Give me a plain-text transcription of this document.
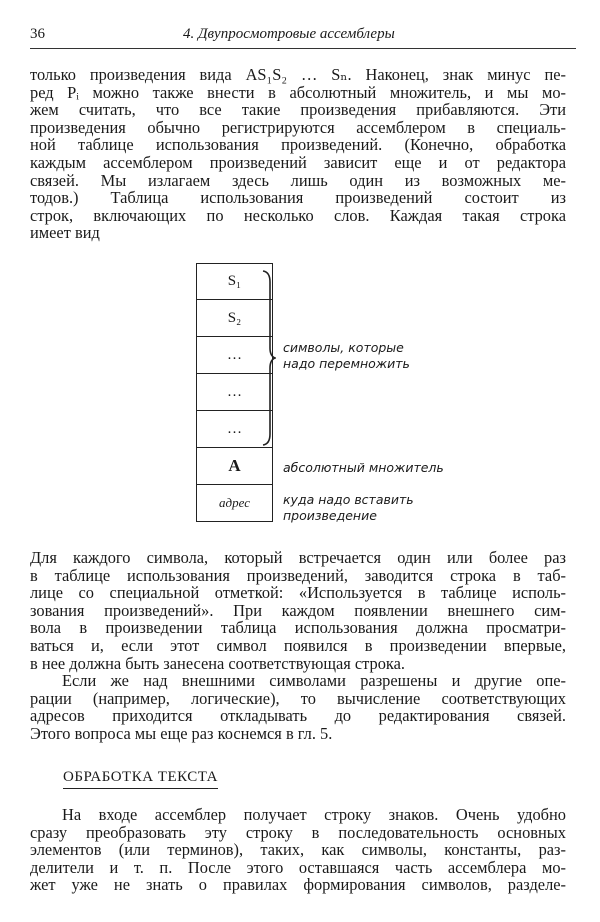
36	4. Двупросмотровые ассемблеры
только произведения вида AS₁S₂ … Sₙ. Наконец, знак минус пе-
ред Pᵢ можно также внести в абсолютный множитель, и мы мо-
жем считать, что все такие произведения прибавляются. Эти
произведения обычно регистрируются ассемблером в специаль-
ной таблице использования произведений. (Конечно, обработка
каждым ассемблером произведений зависит еще и от редактора
связей. Мы излагаем здесь лишь один из возможных ме-
тодов.) Таблица использования произведений состоит из
строк, включающих по несколько слов. Каждая такая строка
имеет вид
S₁
S₂
…
…
…
A
адрес
символы, которые
надо перемножить
абсолютный множитель
куда надо вставить
произведение
Для каждого символа, который встречается один или более раз
в таблице использования произведений, заводится строка в таб-
лице со специальной отметкой: «Используется в таблице исполь-
зования произведений». При каждом появлении внешнего сим-
вола в произведении таблица использования должна просматри-
ваться и, если этот символ появился в произведении впервые,
в нее должна быть занесена соответствующая строка.
Если же над внешними символами разрешены и другие опе-
рации (например, логические), то вычисление соответствующих
адресов приходится откладывать до редактирования связей.
Этого вопроса мы еще раз коснемся в гл. 5.
ОБРАБОТКА ТЕКСТА
На входе ассемблер получает строку знаков. Очень удобно
сразу преобразовать эту строку в последовательность основных
элементов (или терминов), таких, как символы, константы, раз-
делители и т. п. После этого оставшаяся часть ассемблера мо-
жет уже не знать о правилах формирования символов, разделе-
